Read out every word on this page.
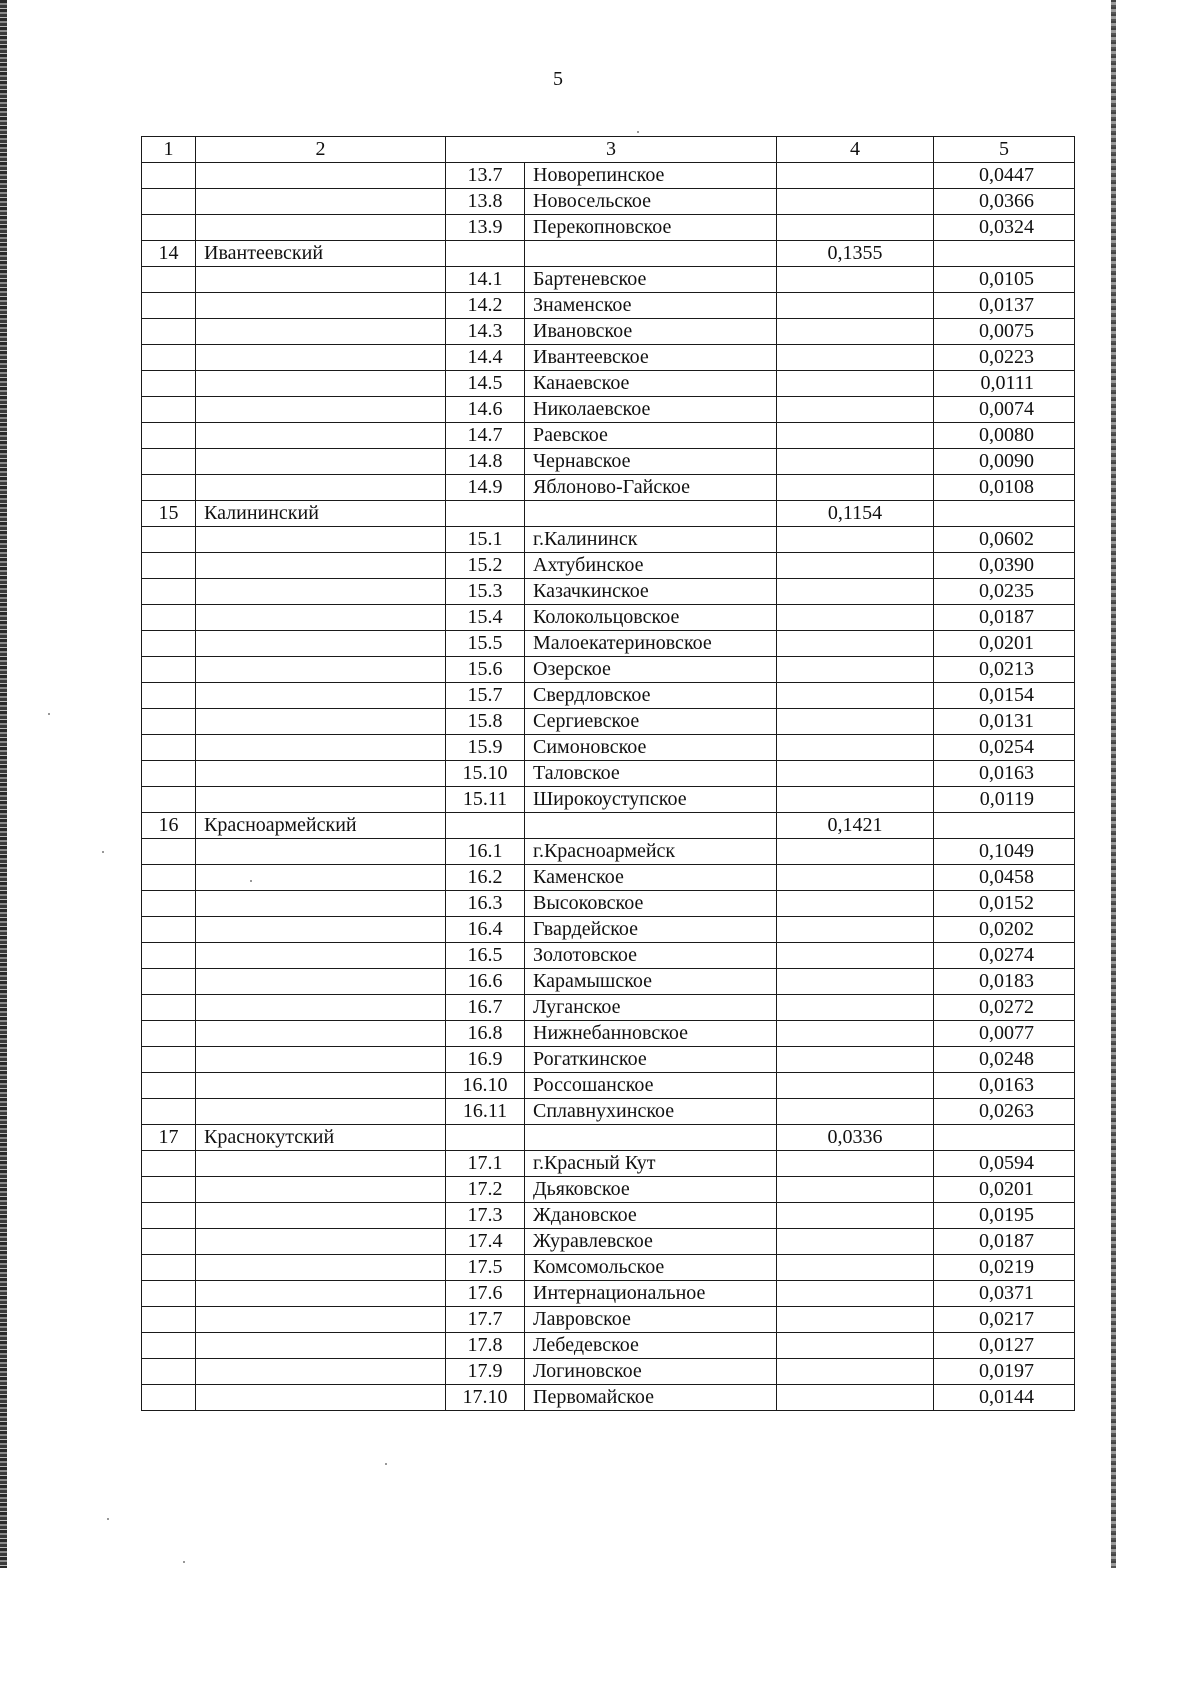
5
1	2	3		4	5
		13.7	Новорепинское		0,0447
		13.8	Новосельское		0,0366
		13.9	Перекопновское		0,0324
14	Ивантеевский			0,1355	
		14.1	Бартеневское		0,0105
		14.2	Знаменское		0,0137
		14.3	Ивановское		0,0075
		14.4	Ивантеевское		0,0223
		14.5	Канаевское		0,0111
		14.6	Николаевское		0,0074
		14.7	Раевское		0,0080
		14.8	Чернавское		0,0090
		14.9	Яблоново-Гайское		0,0108
15	Калининский			0,1154	
		15.1	г.Калининск		0,0602
		15.2	Ахтубинское		0,0390
		15.3	Казачкинское		0,0235
		15.4	Колокольцовское		0,0187
		15.5	Малоекатериновское		0,0201
		15.6	Озерское		0,0213
		15.7	Свердловское		0,0154
		15.8	Сергиевское		0,0131
		15.9	Симоновское		0,0254
		15.10	Таловское		0,0163
		15.11	Широкоуступское		0,0119
16	Красноармейский			0,1421	
		16.1	г.Красноармейск		0,1049
		16.2	Каменское		0,0458
		16.3	Высоковское		0,0152
		16.4	Гвардейское		0,0202
		16.5	Золотовское		0,0274
		16.6	Карамышское		0,0183
		16.7	Луганское		0,0272
		16.8	Нижнебанновское		0,0077
		16.9	Рогаткинское		0,0248
		16.10	Россошанское		0,0163
		16.11	Сплавнухинское		0,0263
17	Краснокутский			0,0336	
		17.1	г.Красный Кут		0,0594
		17.2	Дьяковское		0,0201
		17.3	Ждановское		0,0195
		17.4	Журавлевское		0,0187
		17.5	Комсомольское		0,0219
		17.6	Интернациональное		0,0371
		17.7	Лавровское		0,0217
		17.8	Лебедевское		0,0127
		17.9	Логиновское		0,0197
		17.10	Первомайское		0,0144
